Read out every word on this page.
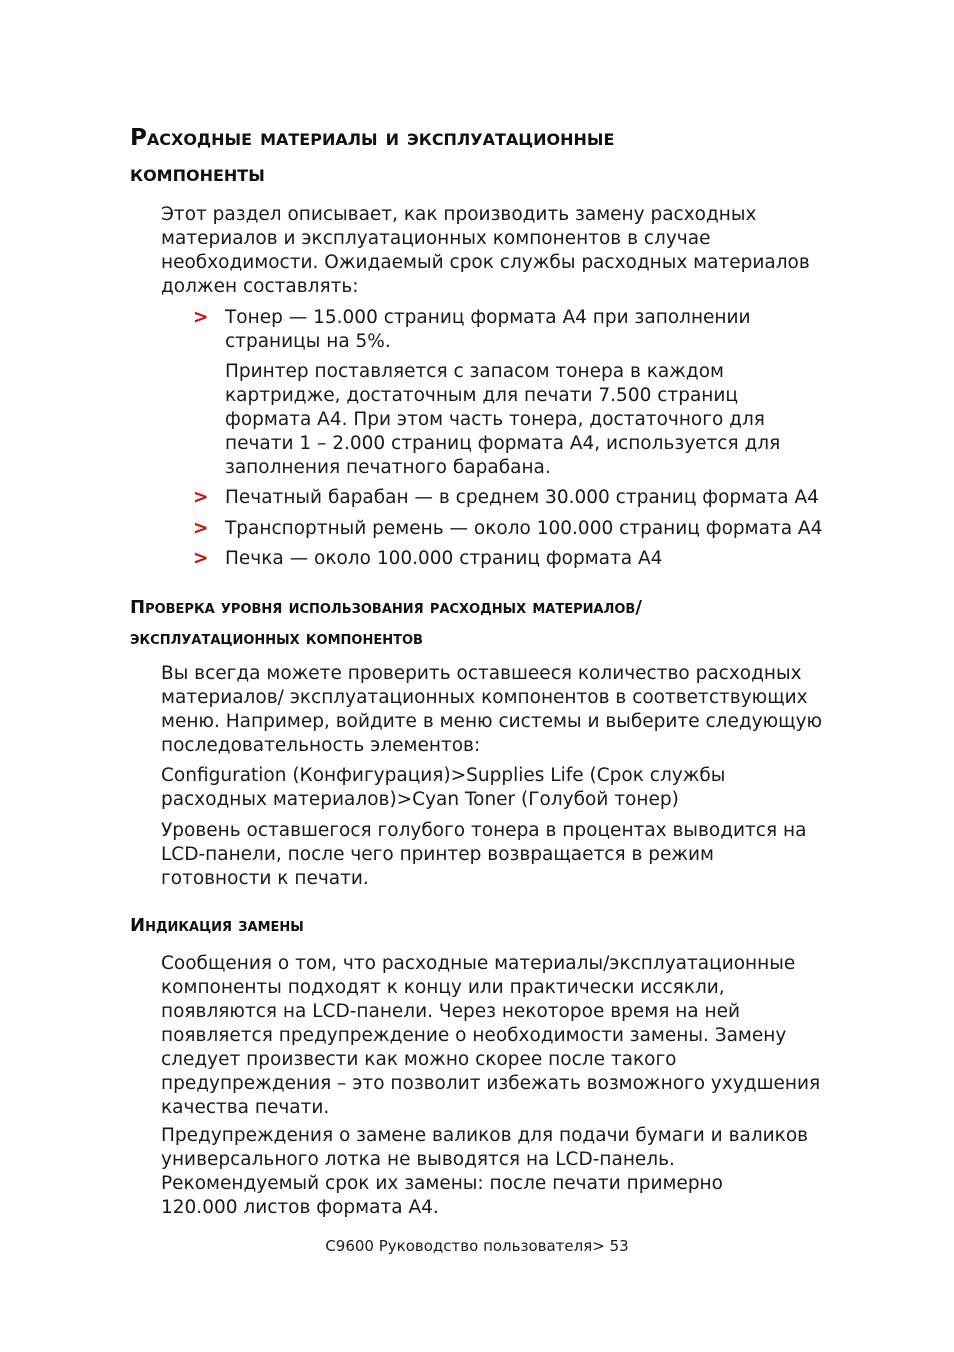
Расходные материалы и эксплуатационные
компоненты
Этот раздел описывает, как производить замену расходных
материалов и эксплуатационных компонентов в случае
необходимости. Ожидаемый срок службы расходных материалов
должен составлять:
> Тонер — 15.000 страниц формата A4 при заполнении
страницы на 5%.
Принтер поставляется с запасом тонера в каждом
картридже, достаточным для печати 7.500 страниц
формата A4. При этом часть тонера, достаточного для
печати 1 – 2.000 страниц формата A4, используется для
заполнения печатного барабана.
> Печатный барабан — в среднем 30.000 страниц формата A4
> Транспортный ремень — около 100.000 страниц формата A4
> Печка — около 100.000 страниц формата A4
Проверка уровня использования расходных материалов/
эксплуатационных компонентов
Вы всегда можете проверить оставшееся количество расходных
материалов/ эксплуатационных компонентов в соответствующих
меню. Например, войдите в меню системы и выберите следующую
последовательность элементов:
Configuration (Конфигурация)>Supplies Life (Срок службы
расходных материалов)>Cyan Toner (Голубой тонер)
Уровень оставшегося голубого тонера в процентах выводится на
LCD-панели, после чего принтер возвращается в режим
готовности к печати.
Индикация замены
Сообщения о том, что расходные материалы/эксплуатационные
компоненты подходят к концу или практически иссякли,
появляются на LCD-панели. Через некоторое время на ней
появляется предупреждение о необходимости замены. Замену
следует произвести как можно скорее после такого
предупреждения – это позволит избежать возможного ухудшения
качества печати.
Предупреждения о замене валиков для подачи бумаги и валиков
универсального лотка не выводятся на LCD-панель.
Рекомендуемый срок их замены: после печати примерно
120.000 листов формата A4.
C9600 Руководство пользователя> 53
